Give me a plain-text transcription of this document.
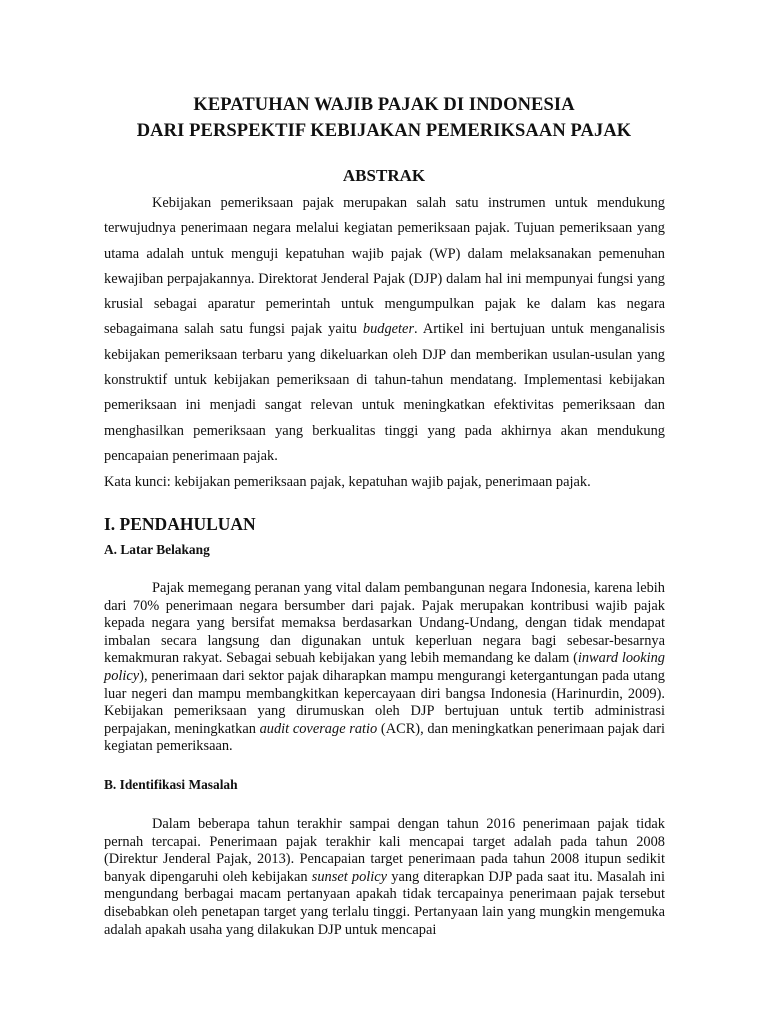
KEPATUHAN WAJIB PAJAK DI INDONESIA
DARI PERSPEKTIF KEBIJAKAN PEMERIKSAAN PAJAK
ABSTRAK

Kebijakan pemeriksaan pajak merupakan salah satu instrumen untuk mendukung terwujudnya penerimaan negara melalui kegiatan pemeriksaan pajak. Tujuan pemeriksaan yang utama adalah untuk menguji kepatuhan wajib pajak (WP) dalam melaksanakan pemenuhan kewajiban perpajakannya. Direktorat Jenderal Pajak (DJP) dalam hal ini mempunyai fungsi yang krusial sebagai aparatur pemerintah untuk mengumpulkan pajak ke dalam kas negara sebagaimana salah satu fungsi pajak yaitu budgeter. Artikel ini bertujuan untuk menganalisis kebijakan pemeriksaan terbaru yang dikeluarkan oleh DJP dan memberikan usulan-usulan yang konstruktif untuk kebijakan pemeriksaan di tahun-tahun mendatang. Implementasi kebijakan pemeriksaan ini menjadi sangat relevan untuk meningkatkan efektivitas pemeriksaan dan menghasilkan pemeriksaan yang berkualitas tinggi yang pada akhirnya akan mendukung pencapaian penerimaan pajak.

Kata kunci: kebijakan pemeriksaan pajak, kepatuhan wajib pajak, penerimaan pajak.

I. PENDAHULUAN
A. Latar Belakang

Pajak memegang peranan yang vital dalam pembangunan negara Indonesia, karena lebih dari 70% penerimaan negara bersumber dari pajak. Pajak merupakan kontribusi wajib pajak kepada negara yang bersifat memaksa berdasarkan Undang-Undang, dengan tidak mendapat imbalan secara langsung dan digunakan untuk keperluan negara bagi sebesar-besarnya kemakmuran rakyat. Sebagai sebuah kebijakan yang lebih memandang ke dalam (inward looking policy), penerimaan dari sektor pajak diharapkan mampu mengurangi ketergantungan pada utang luar negeri dan mampu membangkitkan kepercayaan diri bangsa Indonesia (Harinurdin, 2009). Kebijakan pemeriksaan yang dirumuskan oleh DJP bertujuan untuk tertib administrasi perpajakan, meningkatkan audit coverage ratio (ACR), dan meningkatkan penerimaan pajak dari kegiatan pemeriksaan.

B. Identifikasi Masalah

Dalam beberapa tahun terakhir sampai dengan tahun 2016 penerimaan pajak tidak pernah tercapai. Penerimaan pajak terakhir kali mencapai target adalah pada tahun 2008 (Direktur Jenderal Pajak, 2013). Pencapaian target penerimaan pada tahun 2008 itupun sedikit banyak dipengaruhi oleh kebijakan sunset policy yang diterapkan DJP pada saat itu. Masalah ini mengundang berbagai macam pertanyaan apakah tidak tercapainya penerimaan pajak tersebut disebabkan oleh penetapan target yang terlalu tinggi. Pertanyaan lain yang mungkin mengemuka adalah apakah usaha yang dilakukan DJP untuk mencapai
